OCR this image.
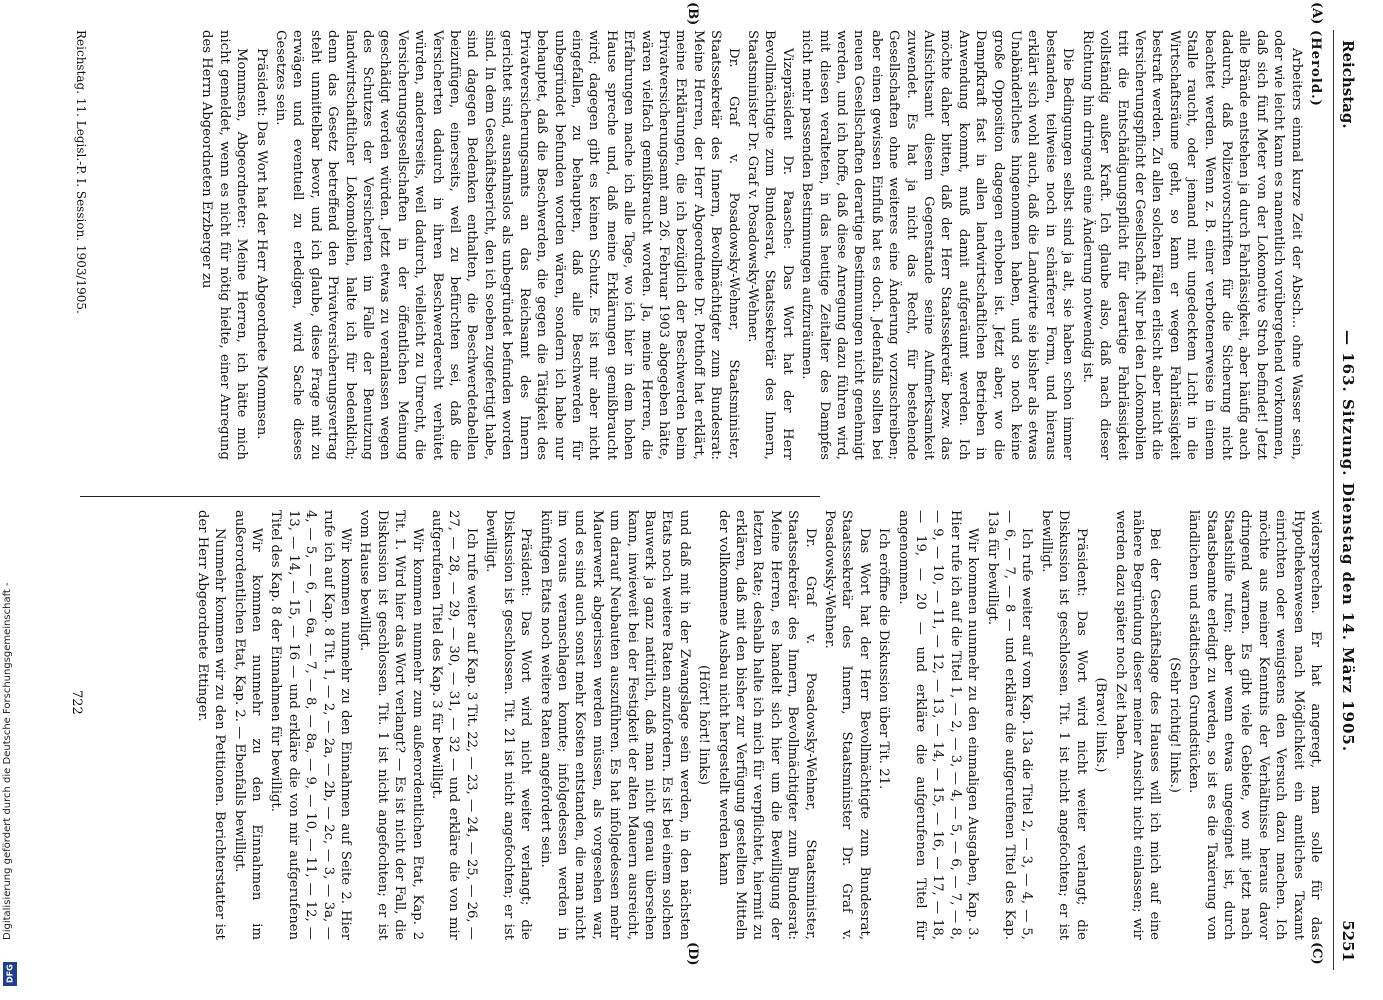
Digitalisierung gefördert durch die Deutsche Forschungsgemeinschaft -
DFG
Reichstag.
— 163. Sitzung. Dienstag den 14. März 1905.
5251

(Herold.)

Arbeiters einmal kurze Zeit der Absch... ohne Wasser sein, oder wie leicht kann es namentlich vorübergehend vorkommen, daß sich fünf Meter von der Lokomotive Stroh befindet! Jetzt alle Brände entstehen ja durch Fahrlässigkeit, aber häufig auch dadurch, daß Polizeivorschriften für die Sicherung nicht beachtet werden. Wenn z. B. einer verbotenerweise in einem Stalle raucht, oder jemand mit ungedecktem Licht in die Wirtschaftsräume geht, so kann er wegen Fahrlässigkeit bestraft werden. Zu allen solchen Fällen erlischt aber nicht die Versicherungspflicht der Gesellschaft. Nur bei den Lokomobilen tritt die Entschädigungspflicht für derartige Fahrlässigkeit vollständig außer Kraft. Ich glaube also, daß nach dieser Richtung hin dringend eine Änderung notwendig ist.

Die Bedingungen selbst sind ja alt, sie haben schon immer bestanden, teilweise noch in schärferer Form, und hieraus erklärt sich wohl auch, daß die Landwirte sie bisher als etwas Unabänderliches hingenommen haben, und so noch keine große Opposition dagegen erhoben ist. Jetzt aber, wo die Dampfkraft fast in allen landwirtschaftlichen Betrieben in Anwendung kommt, muß damit aufgeräumt werden. Ich möchte daher bitten, daß der Herr Staatssekretär bezw. das Aufsichtsamt diesem Gegenstande seine Aufmerksamkeit zuwendet. Es hat ja nicht das Recht, für bestehende Gesellschaften ohne weiteres eine Änderung vorzuschreiben; aber einen gewissen Einfluß hat es doch. Jedenfalls sollten bei neuen Gesellschaften derartige Bestimmungen nicht genehmigt werden, und ich hoffe, daß diese Anregung dazu führen wird, mit diesen veralteten, in das heutige Zeitalter des Dampfes nicht mehr passenden Bestimmungen aufzuräumen.

Vizepräsident Dr. Paasche: Das Wort hat der Herr Bevollmächtigte zum Bundesrat, Staatssekretär des Innern, Staatsminister Dr. Graf v. Posadowsky-Wehner.

Dr. Graf v. Posadowsky-Wehner, Staatsminister, Staatssekretär des Innern, Bevollmächtigter zum Bundesrat: Meine Herren, der Herr Abgeordnete Dr. Potthoff hat erklärt, meine Erklärungen, die ich bezüglich der Beschwerden beim Privatversicherungsamt am 26. Februar 1903 abgegeben hätte, wären vielfach gemißbraucht worden. Ja, meine Herren, die Erfahrungen mache ich alle Tage, wo ich hier in dem hohen Hause spreche und, daß meine Erklärungen gemißbraucht wird; dagegen gibt es keinen Schutz. Es ist mir aber nicht eingefallen, zu behaupten, daß alle Beschwerden für unbegründet befunden worden wären, sondern ich habe nur behauptet, daß die Beschwerden, die gegen die Tätigkeit des Privatversicherungsamts an das Reichsamt des Innern gerichtet sind, ausnahmslos als unbegründet befunden worden sind. In dem Geschäftsbericht, den ich soeben zugefertigt habe, sind dagegen Bedenken enthalten, die Beschwerdetabellen beizufügen, einerseits, weil zu befürchten sei, daß die Versicherten dadurch in ihren Beschwerderecht verhütet würden, andererseits, weil dadurch, vielleicht zu Unrecht, die Versicherungsgesellschaften in der öffentlichen Meinung geschädigt werden würden. Jetzt etwas zu veranlassen wegen des Schutzes der Versicherten im Falle der Benutzung landwirtschaftlicher Lokomobilen, halte ich für bedenklich; denn das Gesetz betreffend den Privatversicherungsvertrag steht unmittelbar bevor, und ich glaube, diese Frage mit zu erwägen und eventuell zu erledigen, wird Sache dieses Gesetzes sein.

Präsident: Das Wort hat der Herr Abgeordnete Mommsen.

Mommsen, Abgeordneter: Meine Herren, ich hätte mich nicht gemeldet, wenn es nicht für nötig hielte, einer Anregung des Herrn Abgeordneten Erzberger zu

Reichstag. 11. Legisl.-P. I. Session. 1903/1905.

widersprechen. Er hat angeregt, man solle für das Hypothekenwesen nach Möglichkeit ein amtliches Taxamt einrichten oder wenigstens den Versuch dazu machen. Ich möchte aus meiner Kenntnis der Verhältnisse heraus davor dringend warnen. Es gibt viele Gebiete, wo mit jetzt nach Staatshilfe rufen; aber wenn etwas ungeeignet ist, durch Staatsbeamte erledigt zu werden, so ist es die Taxierung von ländlichen und städtischen Grundstücken.

(Sehr richtig! links.)

Bei der Geschäftslage des Hauses will ich mich auf eine nähere Begründung dieser meiner Ansicht nicht einlassen; wir werden dazu später noch Zeit haben.

(Bravo! links.)

Präsident: Das Wort wird nicht weiter verlangt; die Diskussion ist geschlossen. Tit. 1 ist nicht angefochten; er ist bewilligt.

Ich rufe weiter auf vom Kap. 13a die Titel 2, — 3, — 4, — 5, — 6, — 7, — 8 — und erkläre die aufgerufenen Titel des Kap. 13a für bewilligt.

Wir kommen nunmehr zu den einmaligen Ausgaben, Kap. 3. Hier rufe ich auf die Titel 1, — 2, — 3, — 4, — 5, — 6, — 7, — 8, — 9, — 10, — 11, — 12, — 13, — 14, — 15, — 16, — 17, — 18, — 19, — 20 — und erkläre die aufgerufenen Titel für angenommen.

Ich eröffne die Diskussion über Tit. 21.

Das Wort hat der Herr Bevollmächtigte zum Bundesrat, Staatssekretär des Innern, Staatsminister Dr. Graf v. Posadowsky-Wehner.

Dr. Graf v. Posadowsky-Wehner, Staatsminister, Staatssekretär des Innern, Bevollmächtigter zum Bundesrat: Meine Herren, es handelt sich hier um die Bewilligung der letzten Rate; deshalb halte ich mich für verpflichtet, hiermit zu erklären, daß mit den bisher zur Verfügung gestellten Mitteln der vollkommene Ausbau nicht hergestellt werden kann

(Hört! hört! links)

und daß mit in der Zwangslage sein werden, in den nächsten Etats noch weitere Raten anzufordern. Es ist bei einem solchen Bauwerk ja ganz natürlich, daß man nicht genau übersehen kann, inwieweit bei der Festigkeit der alten Mauern ausreicht, um darauf Neubauten auszuführen. Es hat infolgedessen mehr Mauerwerk abgerissen werden müssen, als vorgesehen war, und es sind auch sonst mehr Kosten entstanden, die man nicht im voraus veranschlagen konnte; infolgedessen werden in künftigen Etats noch weitere Raten angefordert sein.

Präsident: Das Wort wird nicht weiter verlangt; die Diskussion ist geschlossen. Tit. 21 ist nicht angefochten; er ist bewilligt.

Ich rufe weiter auf Kap. 3 Tit. 22, — 23, — 24, — 25, — 26, — 27, — 28, — 29, — 30, — 31, — 32 — und erkläre die von mir aufgerufenen Titel des Kap. 3 für bewilligt.

Wir kommen nunmehr zum außerordentlichen Etat, Kap. 2 Tit. 1. Wird hier das Wort verlangt? — Es ist nicht der Fall, die Diskussion ist geschlossen. Tit. 1 ist nicht angefochten; er ist vom Hause bewilligt.

Wir kommen nunmehr zu den Einnahmen auf Seite 2. Hier rufe ich auf Kap. 8 Tit. 1, — 2, — 2a, — 2b, — 2c, — 3, — 3a, — 4, — 5, — 6, — 6a, — 7, — 8, — 8a, — 9, — 10, — 11, — 12, — 13, — 14, — 15, — 16 — und erkläre die von mir aufgerufenen Titel des Kap. 8 der Einnahmen für bewilligt.

Wir kommen nunmehr zu den Einnahmen im außerordentlichen Etat, Kap. 2. — Ebenfalls bewilligt.

Nunmehr kommen wir zu den Petitionen. Berichterstatter ist der Herr Abgeordnete Ettinger.

722
(A)
(B)
(C)
(D)
